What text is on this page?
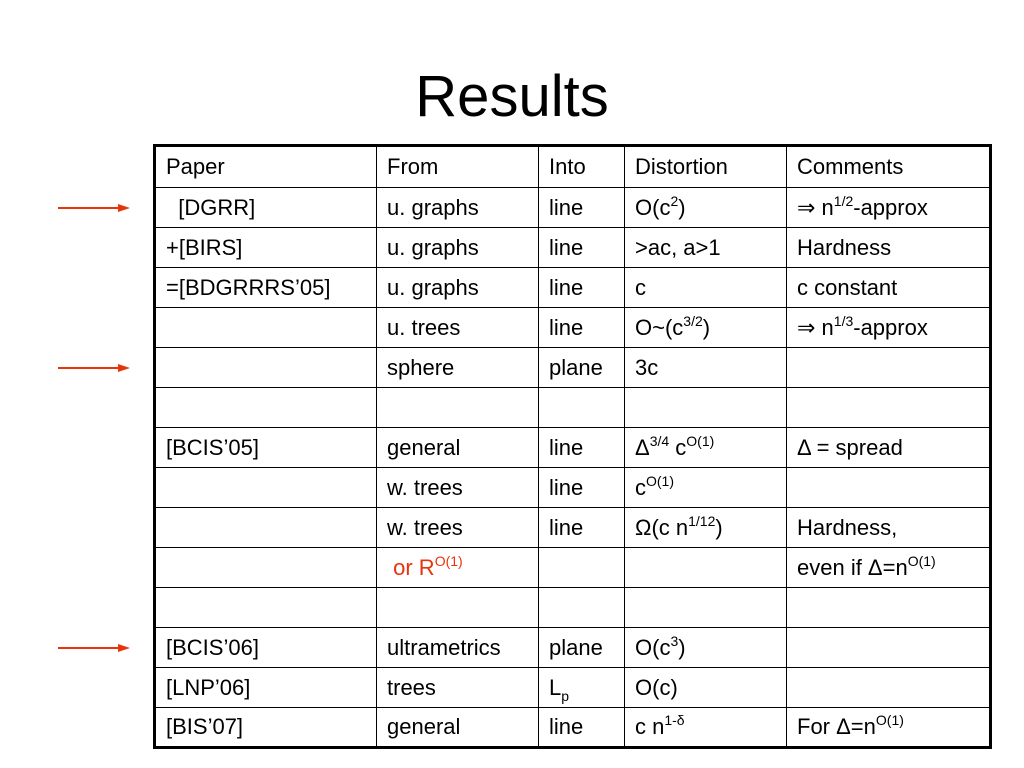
Results
Paper	From	Into	Distortion	Comments
[DGRR]	u. graphs	line	$O(c^2)$	⇒ $n^{1/2}$-approx
+[BIRS]	u. graphs	line	>ac, a>1	Hardness
=[BDGRRRS’05]	u. graphs	line	c	c constant
	u. trees	line	$O\sim(c^{3/2})$	⇒ $n^{1/3}$-approx
	sphere	plane	3c	

[BCIS’05]	general	line	$\Delta^{3/4}$ $c^{O(1)}$	Δ = spread
	w. trees	line	$c^{O(1)}$	
	w. trees	line	Ω(c $n^{1/12}$)	Hardness,
	or $R^{O(1)}$			even if $\Delta=n^{O(1)}$

[BCIS’06]	ultrametrics	plane	$O(c^3)$	
[LNP’06]	trees	$L_p$	O(c)	
[BIS’07]	general	line	c $n^{1-\delta}$	For $\Delta=n^{O(1)}$
